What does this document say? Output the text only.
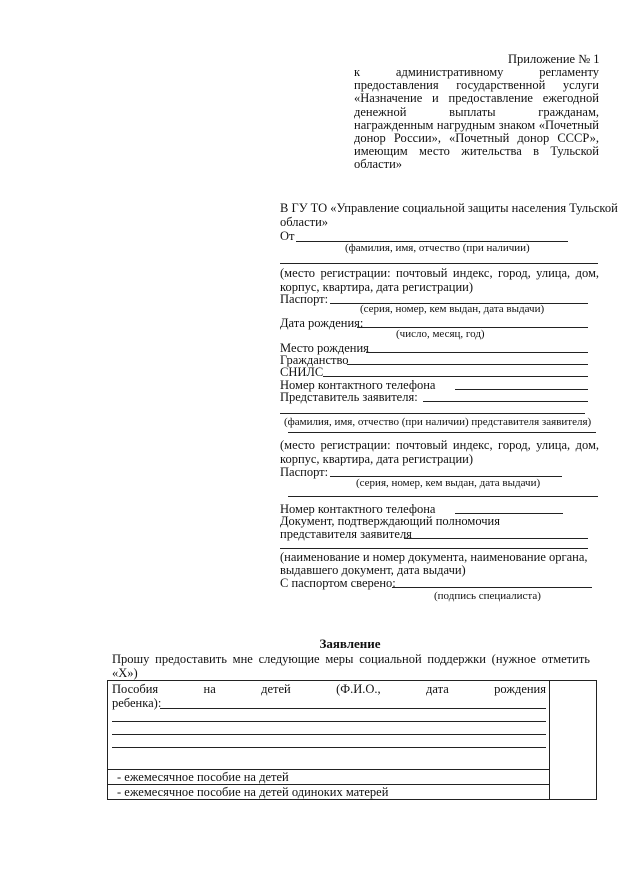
Приложение № 1
к административному регламенту
предоставления государственной услуги
«Назначение и предоставление ежегодной
денежной выплаты гражданам,
награжденным нагрудным знаком «Почетный
донор России», «Почетный донор СССР»,
имеющим место жительства в Тульской
области»
В ГУ ТО «Управление социальной защиты населения Тульской
области»
От
(фамилия, имя, отчество (при наличии)
(место регистрации: почтовый индекс, город, улица, дом,
корпус, квартира, дата регистрации)
Паспорт:
(серия, номер, кем выдан, дата выдачи)
Дата рождения:
(число, месяц, год)
Место рождения
Гражданство
СНИЛС
Номер контактного телефона
Представитель заявителя:
(фамилия, имя, отчество (при наличии) представителя заявителя)
(место регистрации: почтовый индекс, город, улица, дом,
корпус, квартира, дата регистрации)
Паспорт:
(серия, номер, кем выдан, дата выдачи)
Номер контактного телефона
Документ, подтверждающий полномочия
представителя заявителя
(наименование и номер документа, наименование органа,
выдавшего документ, дата выдачи)
С паспортом сверено:
(подпись специалиста)
Заявление
Прошу предоставить мне следующие меры социальной поддержки (нужное отметить
«Х»)
Пособия на детей (Ф.И.О., дата рождения
ребенка):

- ежемесячное пособие на детей

- ежемесячное пособие на детей одиноких матерей
